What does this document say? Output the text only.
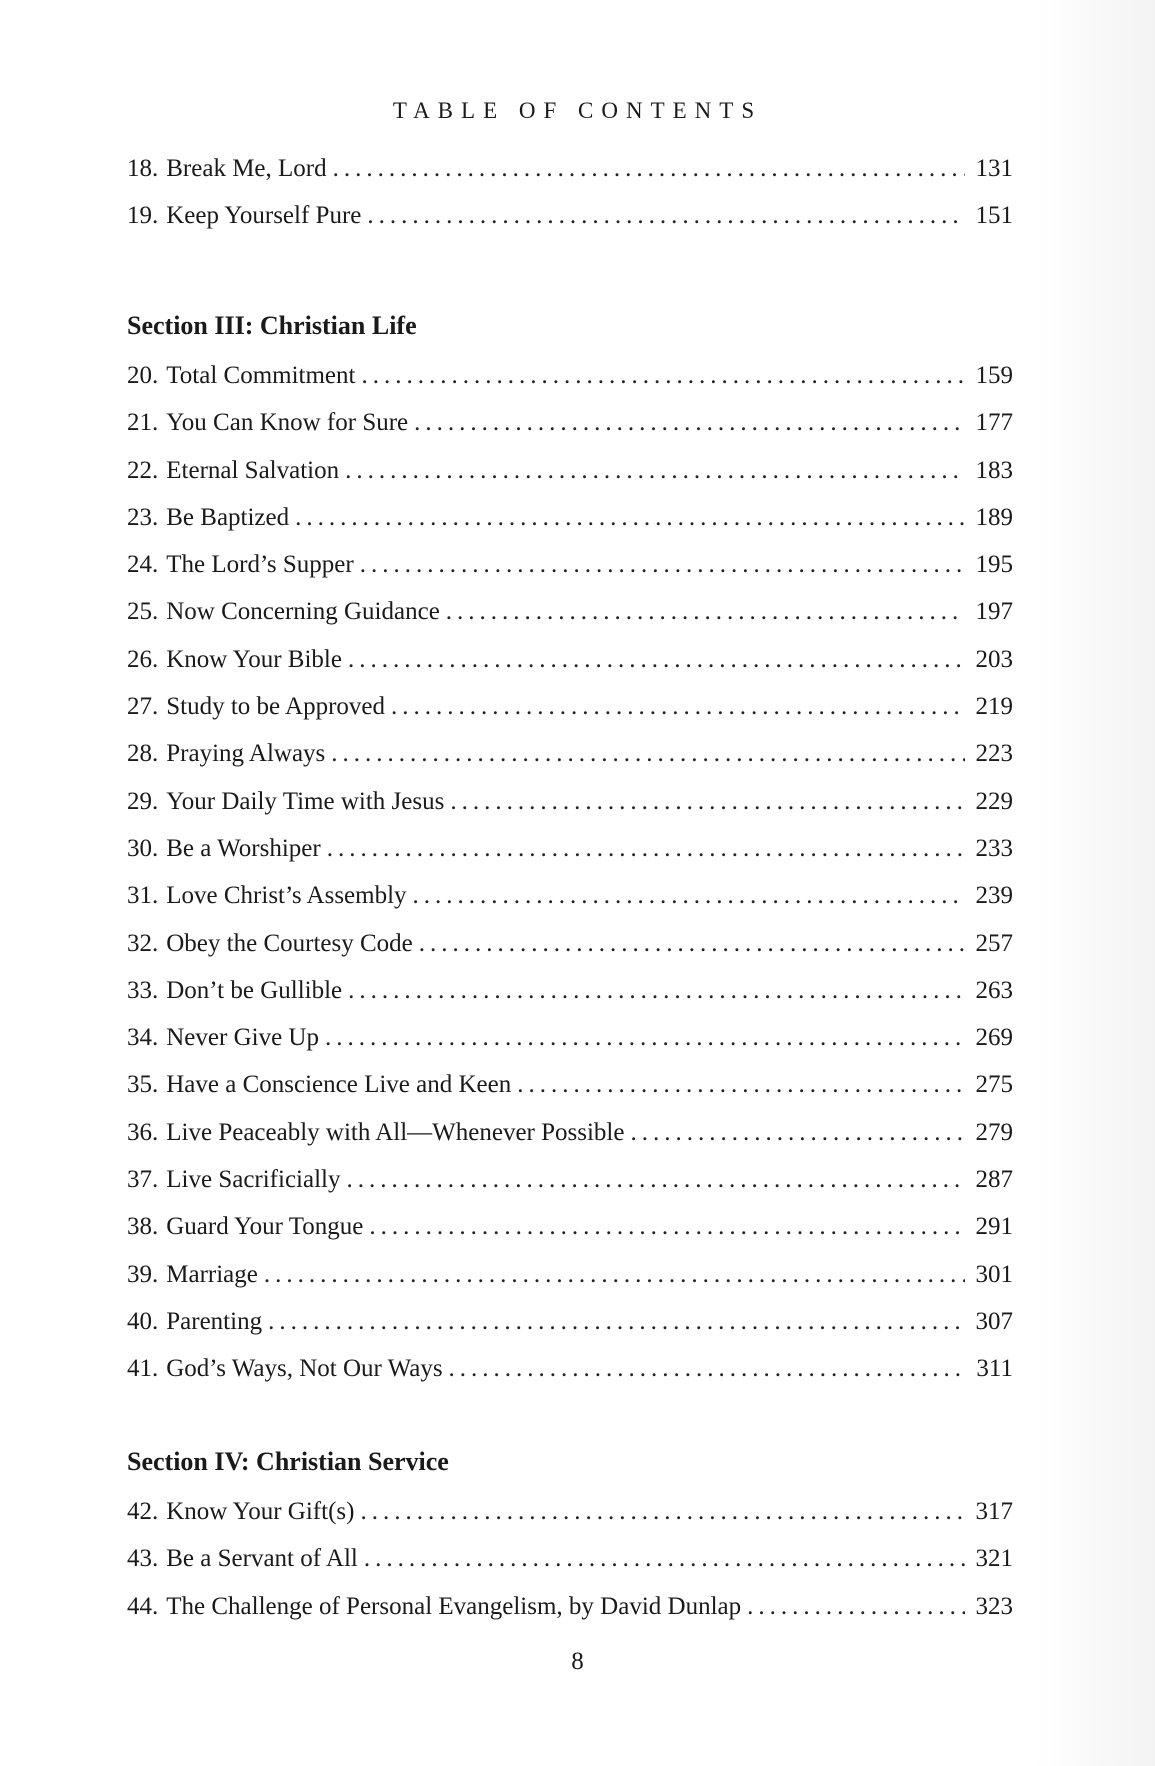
TABLE OF CONTENTS
18. Break Me, Lord .....	131
19. Keep Yourself Pure .....	151
Section III: Christian Life
20. Total Commitment .....	159
21. You Can Know for Sure .....	177
22. Eternal Salvation .....	183
23. Be Baptized .....	189
24. The Lord’s Supper .....	195
25. Now Concerning Guidance .....	197
26. Know Your Bible .....	203
27. Study to be Approved .....	219
28. Praying Always .....	223
29. Your Daily Time with Jesus .....	229
30. Be a Worshiper .....	233
31. Love Christ’s Assembly .....	239
32. Obey the Courtesy Code .....	257
33. Don’t be Gullible .....	263
34. Never Give Up .....	269
35. Have a Conscience Live and Keen .....	275
36. Live Peaceably with All—Whenever Possible .....	279
37. Live Sacrificially .....	287
38. Guard Your Tongue .....	291
39. Marriage .....	301
40. Parenting .....	307
41. God’s Ways, Not Our Ways .....	311
Section IV: Christian Service
42. Know Your Gift(s) .....	317
43. Be a Servant of All .....	321
44. The Challenge of Personal Evangelism, by David Dunlap .....	323
8
